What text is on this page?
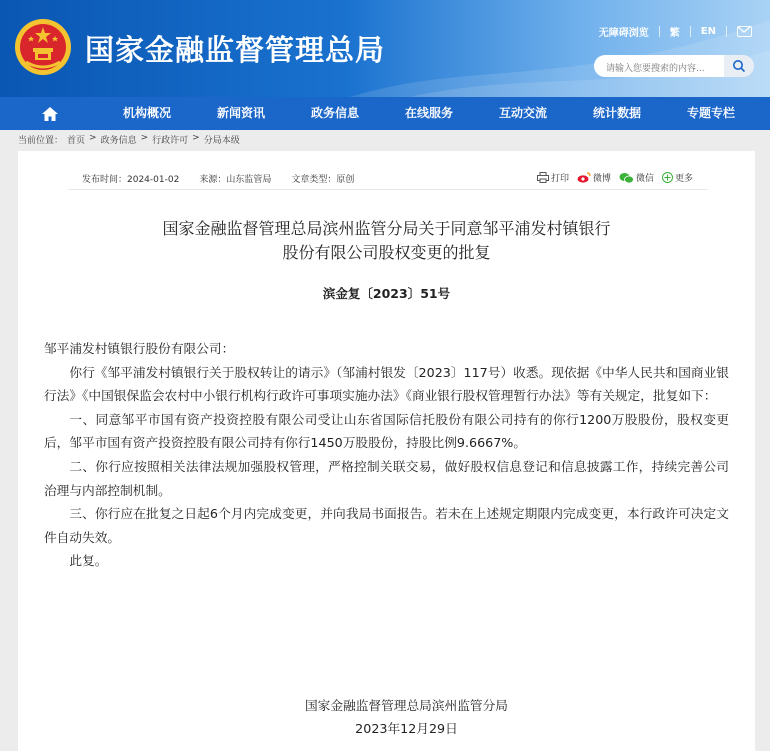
国家金融监督管理总局	无障碍浏览 繁 EN
请输入您要搜索的内容...
机构概况	新闻资讯	政务信息	在线服务	互动交流	统计数据	专题专栏
当前位置： 首页 > 政务信息 > 行政许可 > 分局本级
发布时间：2024-01-02 来源：山东监管局 文章类型：原创	打印	微博	微信 更多
国家金融监督管理总局滨州监管分局关于同意邹平浦发村镇银行
股份有限公司股权变更的批复
滨金复〔2023〕51号

邹平浦发村镇银行股份有限公司：

你行《邹平浦发村镇银行关于股权转让的请示》（邹浦村银发〔2023〕117号）收悉。现依据《中华人民共和国商业银行法》《中国银保监会农村中小银行机构行政许可事项实施办法》《商业银行股权管理暂行办法》等有关规定，批复如下：

一、同意邹平市国有资产投资控股有限公司受让山东省国际信托股份有限公司持有的你行1200万股股份，股权变更后，邹平市国有资产投资控股有限公司持有你行1450万股股份，持股比例9.6667%。

二、你行应按照相关法律法规加强股权管理，严格控制关联交易，做好股权信息登记和信息披露工作，持续完善公司治理与内部控制机制。

三、你行应在批复之日起6个月内完成变更，并向我局书面报告。若未在上述规定期限内完成变更，本行政许可决定文件自动失效。

此复。

国家金融监督管理总局滨州监管分局
2023年12月29日
